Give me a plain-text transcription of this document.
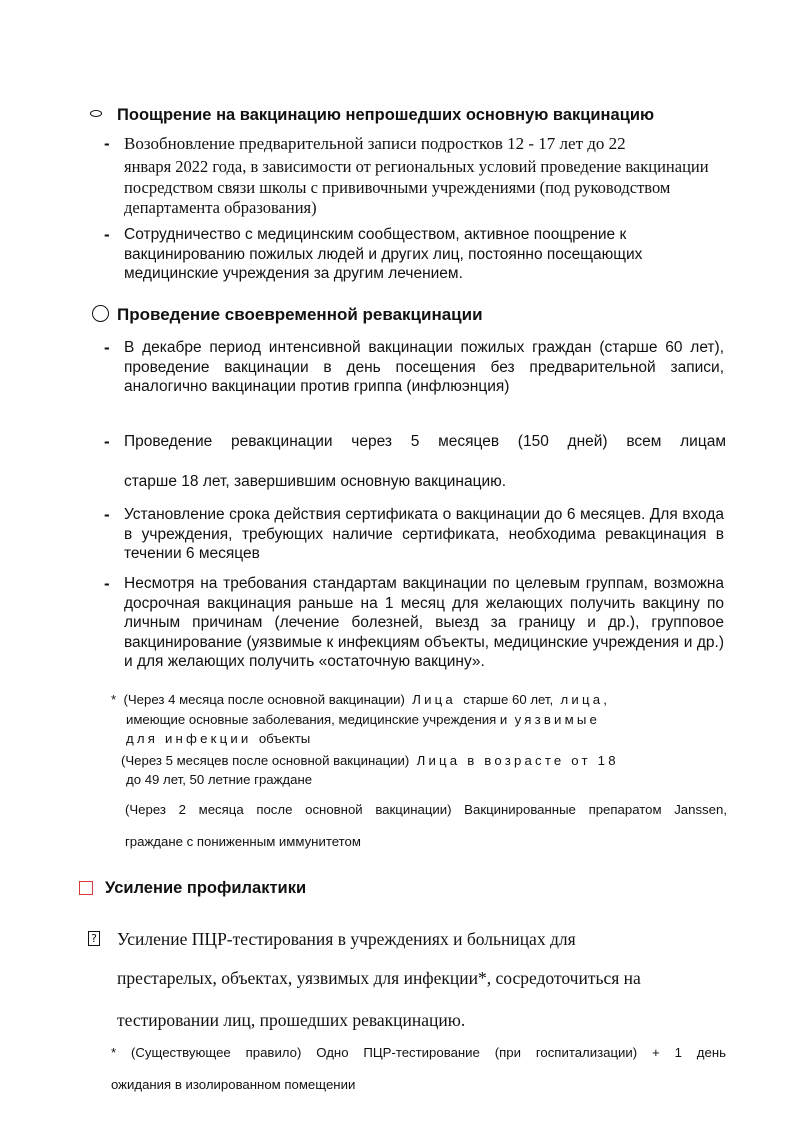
Поощрение на вакцинацию непрошедших основную вакцинацию

- Возобновление предварительной записи подростков 12 - 17 лет до 22

января 2022 года, в зависимости от региональных условий проведение вакцинации посредством связи школы с прививочными учреждениями (под руководством департамента образования)

- Сотрудничество с медицинским сообществом, активное поощрение к вакцинированию пожилых людей и других лиц, постоянно посещающих медицинские учреждения за другим лечением.

Проведение своевременной ревакцинации

- В декабре период интенсивной вакцинации пожилых граждан (старше 60 лет), проведение вакцинации в день посещения без предварительной записи, аналогично вакцинации против гриппа (инфлюэнция)

- Проведение ревакцинации через 5 месяцев (150 дней) всем лицам

старше 18 лет, завершившим основную вакцинацию.

- Установление срока действия сертификата о вакцинации до 6 месяцев. Для входа в учреждения, требующих наличие сертификата, необходима ревакцинация в течении 6 месяцев

- Несмотря на требования стандартам вакцинации по целевым группам, возможна досрочная вакцинация раньше на 1 месяц для желающих получить вакцину по личным причинам (лечение болезней, выезд за границу и др.), групповое вакцинирование (уязвимые к инфекциям объекты, медицинские учреждения и др.) и для желающих получить «остаточную вакцину».

* (Через 4 месяца после основной вакцинации) Лица старше 60 лет, лица,

имеющие основные заболевания, медицинские учреждения и уязвимые

для инфекции объекты

(Через 5 месяцев после основной вакцинации) Лица в возрасте от 18

до 49 лет, 50 летние граждане

(Через 2 месяца после основной вакцинации) Вакцинированные препаратом Janssen,

граждане с пониженным иммунитетом

Усиление профилактики

? Усиление ПЦР-тестирования в учреждениях и больницах для

престарелых, объектах, уязвимых для инфекции*, сосредоточиться на

тестировании лиц, прошедших ревакцинацию.

* (Существующее правило) Одно ПЦР-тестирование (при госпитализации) + 1 день

ожидания в изолированном помещении
